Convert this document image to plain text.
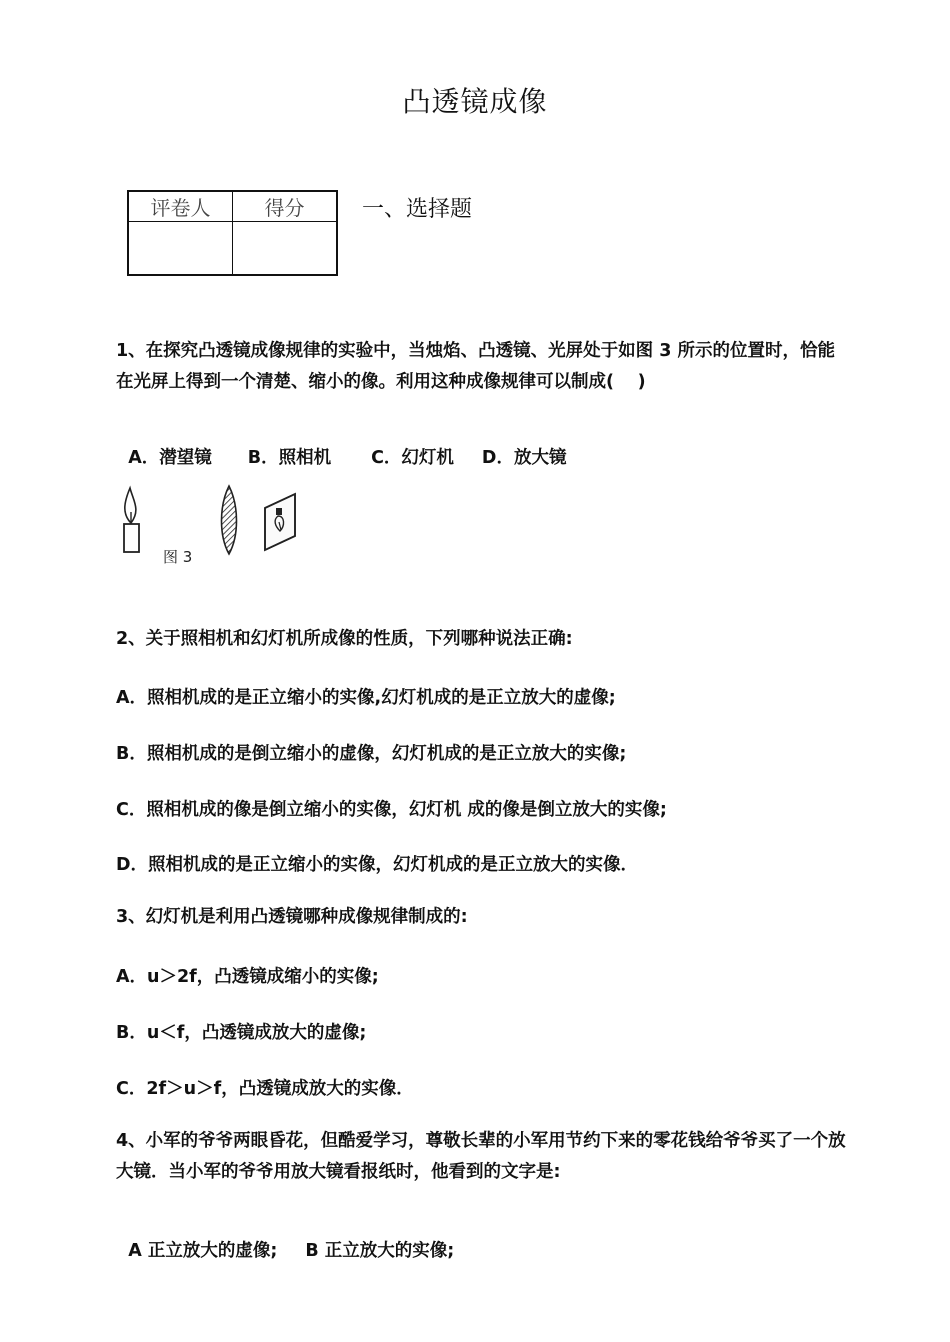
凸透镜成像
评卷人	得分
		一、选择题
1、在探究凸透镜成像规律的实验中，当烛焰、凸透镜、光屏处于如图 3 所示的位置时，恰能在光屏上得到一个清楚、缩小的像。利用这种成像规律可以制成(　 )

A．潜望镜 B．照相机 C．幻灯机 D．放大镜

图 3
2、关于照相机和幻灯机所成像的性质，下列哪种说法正确:
A．照相机成的是正立缩小的实像,幻灯机成的是正立放大的虚像;
B．照相机成的是倒立缩小的虚像，幻灯机成的是正立放大的实像;
C．照相机成的像是倒立缩小的实像，幻灯机 成的像是倒立放大的实像;
D．照相机成的是正立缩小的实像，幻灯机成的是正立放大的实像．
3、幻灯机是利用凸透镜哪种成像规律制成的:
A．u＞2f，凸透镜成缩小的实像;
B．u＜f，凸透镜成放大的虚像;
C．2f＞u＞f，凸透镜成放大的实像．
4、小军的爷爷两眼昏花，但酷爱学习，尊敬长辈的小军用节约下来的零花钱给爷爷买了一个放大镜．当小军的爷爷用放大镜看报纸时，他看到的文字是:

A 正立放大的虚像; B 正立放大的实像;
